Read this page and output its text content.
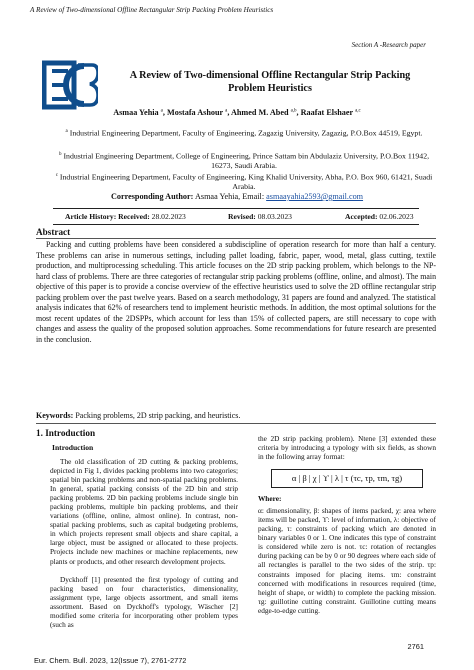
A Review of Two-dimensional Offline Rectangular Strip Packing Problem Heuristics
Section A -Research paper
A Review of Two-dimensional Offline Rectangular Strip Packing Problem Heuristics
Asmaa Yehia $^a$, Mostafa Ashour $^a$, Ahmed M. Abed $^{a,b}$, Raafat Elshaer $^{a,c}$
$^a$ Industrial Engineering Department, Faculty of Engineering, Zagazig University, Zagazig, P.O.Box 44519, Egypt.
$^b$ Industrial Engineering Department, College of Engineering, Prince Sattam bin Abdulaziz University, P.O.Box 11942, 16273, Saudi Arabia.
$^c$ Industrial Engineering Department, Faculty of Engineering, King Khalid University, Abha, P.O. Box 960, 61421, Suadi Arabia.
Corresponding Author: Asmaa Yehia, Email: asmaayahia2593@gmail.com
Article History: Received: 28.02.2023	Revised: 08.03.2023	Accepted: 02.06.2023
Abstract
Packing and cutting problems have been considered a subdiscipline of operation research for more than half a century. These problems can arise in numerous settings, including pallet loading, fabric, paper, wood, metal, glass cutting, textile production, and multiprocessing scheduling. This article focuses on the 2D strip packing problem, which belongs to the NP-hard class of problems. There are three categories of rectangular strip packing problems (offline, online, and almost). The main objective of this paper is to provide a concise overview of the effective heuristics used to solve the 2D offline rectangular strip packing problem over the past twelve years. Based on a search methodology, 31 papers are found and analyzed. The statistical analysis indicates that 62% of researchers tend to implement heuristic methods. In addition, the most optimal solutions for the most recent updates of the 2DSPPs, which account for less than 15% of collected papers, are still necessary to cope with changes and assess the quality of the proposed solution approaches. Some recommendations for future research are presented in the conclusion.
Keywords: Packing problems, 2D strip packing, and heuristics.
1. Introduction
Introduction

The old classification of 2D cutting & packing problems, depicted in Fig 1, divides packing problems into two categories; spatial bin packing problems and non-spatial packing problems. In general, spatial packing consists of the 2D bin and strip packing problems. 2D bin packing problems include single bin packing problems, multiple bin packing problems, and their variations (offline, online, almost online). In contrast, non-spatial packing problems, such as capital budgeting problems, in which projects represent small objects and share capital, a large object, must be assigned or allocated to these projects. Projects include new machines or machine replacements, new plants or products, and other research development projects.

Dyckhoff [1] presented the first typology of cutting and packing based on four characteristics, dimensionality, assignment type, large objects assortment, and small items assortment. Based on Dyckhoff's typology, Wäscher [2] modified some criteria for incorporating other problem types (such as

the 2D strip packing problem). Ntene [3] extended these criteria by introducing a typology with six fields, as shown in the following array format:

α | β | χ | ϒ | λ | τ (τc, τp, τm, τg)
Where:

α: dimensionality, β: shapes of items packed, χ: area where items will be packed, ϒ: level of information, λ: objective of packing, τ: constraints of packing which are denoted in binary variables 0 or 1. One indicates this type of constraint is considered while zero is not. τc: rotation of rectangles during packing can be by 0 or 90 degrees where each side of all rectangles is parallel to the two sides of the strip. τp: constraints imposed for placing items. τm: constraint concerned with modifications in resources required (time, height of shape, or width) to complete the packing mission. τg: guillotine cutting constraint. Guillotine cutting means edge-to-edge cutting.

2761
Eur. Chem. Bull. 2023, 12(Issue 7), 2761-2772
